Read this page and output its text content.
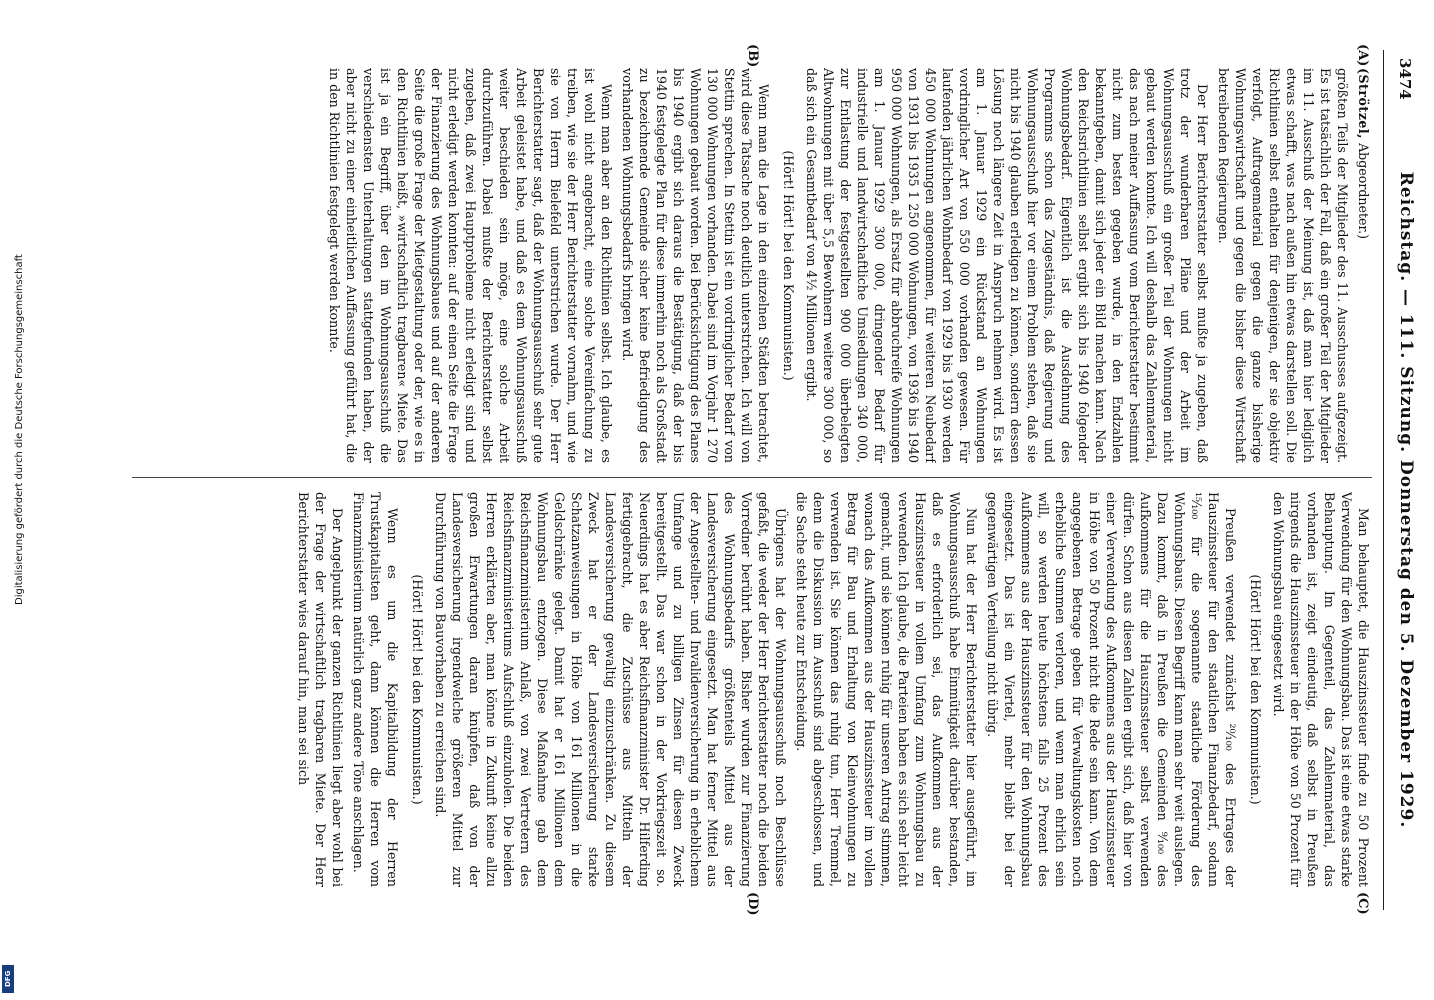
3474
Reichstag. — 111. Sitzung. Donnerstag den 5. Dezember 1929.
(A)
(B)
(C)
(D)

(Strötzel, Abgeordneter.)

größten Teils der Mitglieder des 11. Ausschusses aufgezeigt. Es ist tatsächlich der Fall, daß ein großer Teil der Mitglieder im 11. Ausschuß der Meinung ist, daß man hier lediglich etwas schafft, was nach außen hin etwas darstellen soll. Die Richtlinien selbst enthalten für denjenigen, der sie objektiv verfolgt, Auftragematerial gegen die ganze bisherige Wohnungswirtschaft und gegen die bisher diese Wirtschaft betreibenden Regierungen.

Der Herr Berichterstatter selbst mußte ja zugeben, daß trotz der wunderbaren Pläne und der Arbeit im Wohnungsausschuß ein großer Teil der Wohnungen nicht gebaut werden konnte. Ich will deshalb das Zahlenmaterial, das nach meiner Auffassung vom Berichterstatter bestimmt nicht zum besten gegeben wurde, in den Endzahlen bekanntgeben, damit sich jeder ein Bild machen kann. Nach den Reichsrichtlinien selbst ergibt sich bis 1940 folgender Wohnungsbedarf. Eigentlich ist die Ausdehnung des Programms schon das Zugeständnis, daß Regierung und Wohnungsausschuß hier vor einem Problem stehen, daß sie nicht bis 1940 glauben erledigen zu können, sondern dessen Lösung noch längere Zeit in Anspruch nehmen wird. Es ist am 1. Januar 1929 ein Rückstand an Wohnungen vordringlicher Art von 550 000 vorhanden gewesen. Für laufenden jährlichen Wohnbedarf von 1929 bis 1930 werden 450 000 Wohnungen angenommen, für weiteren Neubedarf von 1931 bis 1935 1 250 000 Wohnungen, von 1936 bis 1940 950 000 Wohnungen, als Ersatz für abbruchreife Wohnungen am 1. Januar 1929 300 000, dringender Bedarf für industrielle und landwirtschaftliche Umsiedlungen 340 000, zur Entlastung der festgestellten 900 000 überbelegten Altwohnungen mit über 5,5 Bewohnern weitere 300 000, so daß sich ein Gesamtbedarf von 4½ Millionen ergibt.

(Hört! Hört! bei den Kommunisten.)

Wenn man die Lage in den einzelnen Städten betrachtet, wird diese Tatsache noch deutlich unterstrichen. Ich will von Stettin sprechen. In Stettin ist ein vordringlicher Bedarf von 130 000 Wohnungen vorhanden. Dabei sind im Vorjahr 1 270 Wohnungen gebaut worden. Bei Berücksichtigung des Planes bis 1940 ergibt sich daraus die Bestätigung, daß der bis 1940 festgelegte Plan für diese immerhin noch als Großstadt zu bezeichnende Gemeinde sicher keine Befriedigung des vorhandenen Wohnungsbedarfs bringen wird.

Wenn man aber an den Richtlinien selbst. Ich glaube, es ist wohl nicht angebracht, eine solche Vereinfachung zu treiben, wie sie der Herr Berichterstatter vornahm, und wie sie von Herrn Bielefeld unterstrichen wurde. Der Herr Berichterstatter sagt, daß der Wohnungsausschuß sehr gute Arbeit geleistet habe, und daß es dem Wohnungsausschuß weiter beschieden sein möge, eine solche Arbeit durchzuführen. Dabei mußte der Berichterstatter selbst zugeben, daß zwei Hauptprobleme nicht erledigt sind und nicht erledigt werden konnten: auf der einen Seite die Frage der Finanzierung des Wohnungsbaues und auf der anderen Seite die große Frage der Mietgestaltung oder der, wie es in den Richtlinien heißt, »wirtschaftlich tragbaren« Miete. Das ist ja ein Begriff, über den im Wohnungsausschuß die verschiedensten Unterhaltungen stattgefunden haben, der aber nicht zu einer einheitlichen Auffassung geführt hat, die in den Richtlinien festgelegt werden konnte.

Man behauptet, die Hauszinssteuer finde zu 50 Prozent Verwendung für den Wohnungsbau. Das ist eine etwas starke Behauptung. Im Gegenteil, das Zahlenmaterial, das vorhanden ist, zeigt eindeutig, daß selbst in Preußen nirgends die Hauszinssteuer in der Höhe von 50 Prozent für den Wohnungsbau eingesetzt wird.

(Hört! Hört! bei den Kommunisten.)

Preußen verwendet zunächst ²⁰⁄₁₀₀ des Ertrages der Hauszinssteuer für den staatlichen Finanzbedarf, sodann ¹⁵⁄₁₀₀ für die sogenannte staatliche Förderung des Wohnungsbaus. Diesen Begriff kann man sehr weit auslegen. Dazu kommt, daß in Preußen die Gemeinden ⁹⁄₁₀₀ des Aufkommens für die Hauszinssteuer selbst verwenden dürfen. Schon aus diesen Zahlen ergibt sich, daß hier von einer Verwendung des Aufkommens aus der Hauszinssteuer in Höhe von 50 Prozent nicht die Rede sein kann. Von dem angegebenen Betrage geben für Verwaltungskosten noch erhebliche Summen verloren, und wenn man ehrlich sein will, so werden heute höchstens falls 25 Prozent des Aufkommens aus der Hauszinssteuer für den Wohnungsbau eingesetzt. Das ist ein Viertel, mehr bleibt bei der gegenwärtigen Verteilung nicht übrig.

Nun hat der Herr Berichterstatter hier ausgeführt, im Wohnungsausschuß habe Einmütigkeit darüber bestanden, daß es erforderlich sei, das Aufkommen aus der Hauszinssteuer in vollem Umfang zum Wohnungsbau zu verwenden. Ich glaube, die Parteien haben es sich sehr leicht gemacht, und sie können ruhig für unseren Antrag stimmen, wonach das Aufkommen aus der Hauszinssteuer im vollen Betrag für Bau und Erhaltung von Kleinwohnungen zu verwenden ist. Sie können das ruhig tun, Herr Tremmel, denn die Diskussion im Ausschuß sind abgeschlossen, und die Sache steht heute zur Entscheidung.

Übrigens hat der Wohnungsausschuß noch Beschlüsse gefaßt, die weder der Herr Berichterstatter noch die beiden Vorredner berührt haben. Bisher wurden zur Finanzierung des Wohnungsbedarfs größtenteils Mittel aus der Landesversicherung eingesetzt. Man hat ferner Mittel aus der Angestellten- und Invalidenversicherung in erheblichem Umfange und zu billigen Zinsen für diesen Zweck bereitgestellt. Das war schon in der Vorkriegszeit so. Neuerdings hat es aber Reichsfinanzminister Dr. Hilferding fertiggebracht, die Zuschüsse aus Mitteln der Landesversicherung gewaltig einzuschränken. Zu diesem Zweck hat er der Landesversicherung starke Schatzanweisungen in Höhe von 161 Millionen in die Geldschränke gelegt. Damit hat er 161 Millionen dem Wohnungsbau entzogen. Diese Maßnahme gab dem Reichsfinanzministerium Anlaß, von zwei Vertretern des Reichsfinanzministeriums Aufschluß einzuholen. Die beiden Herren erklärten aber, man könne in Zukunft keine allzu großen Erwartungen daran knüpfen, daß von der Landesversicherung irgendwelche größeren Mittel zur Durchführung von Bauvorhaben zu erreichen sind.

(Hört! Hört! bei den Kommunisten.)

Wenn es um die Kapitalbildung der Herren Trustkapitalisten geht, dann können die Herren vom Finanzministerium natürlich ganz andere Töne anschlagen.

Der Angelpunkt der ganzen Richtlinien liegt aber wohl bei der Frage der wirtschaftlich tragbaren Miete. Der Herr Berichterstatter wies darauf hin, man sei sich

Digitalisierung gefördert durch die Deutsche Forschungsgemeinschaft
DFG
